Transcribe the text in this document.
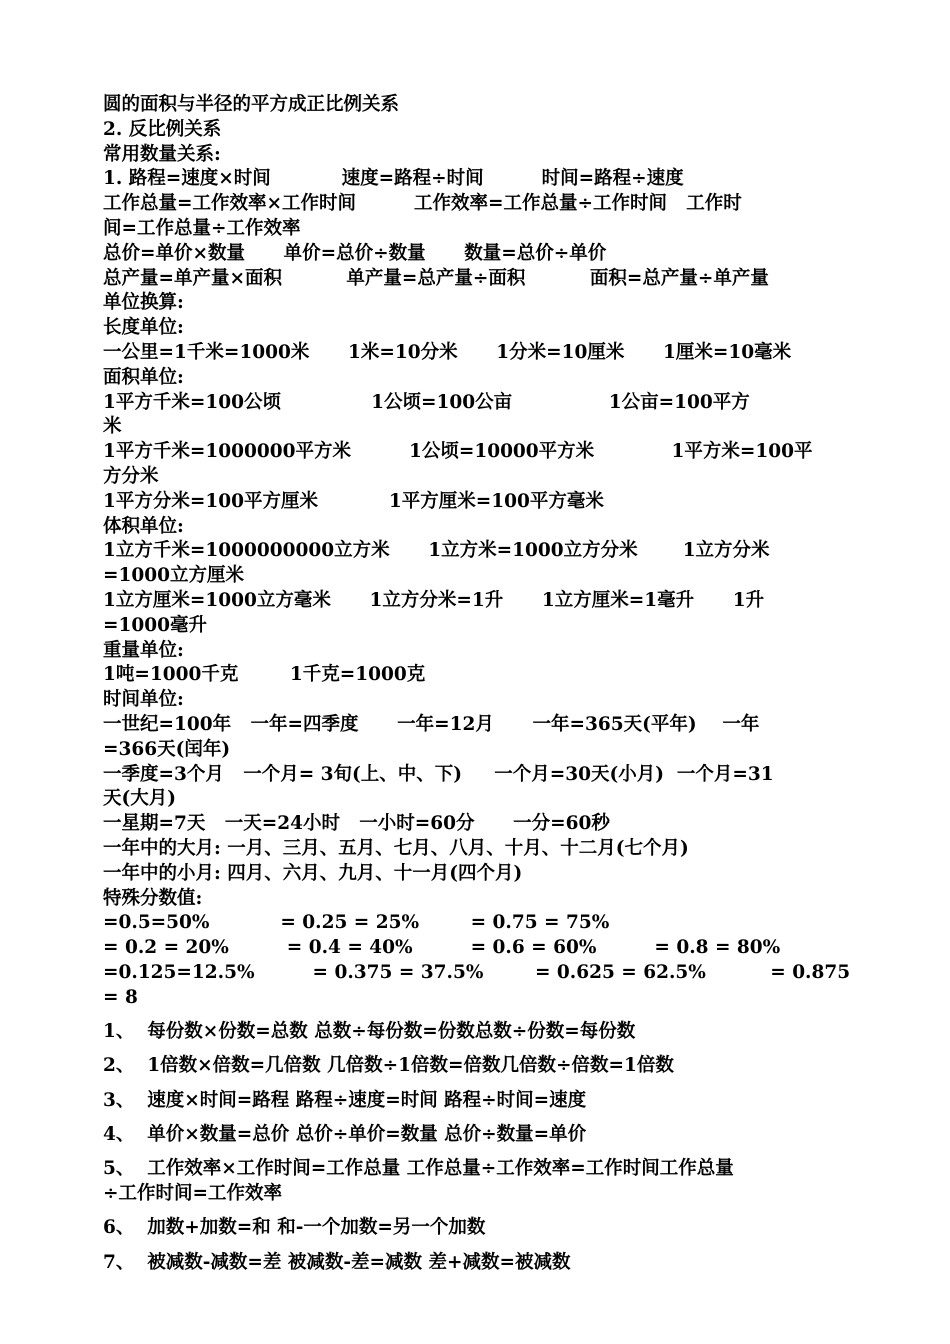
圆的面积与半径的平方成正比例关系
2. 反比例关系
常用数量关系:
1. 路程=速度×时间           速度=路程÷时间         时间=路程÷速度
工作总量=工作效率×工作时间         工作效率=工作总量÷工作时间   工作时
间=工作总量÷工作效率
总价=单价×数量      单价=总价÷数量      数量=总价÷单价
总产量=单产量×面积          单产量=总产量÷面积          面积=总产量÷单产量
单位换算:
长度单位:
一公里=1千米=1000米      1米=10分米      1分米=10厘米      1厘米=10毫米
面积单位:
1平方千米=100公顷              1公顷=100公亩               1公亩=100平方
米
1平方千米=1000000平方米         1公顷=10000平方米            1平方米=100平
方分米
1平方分米=100平方厘米           1平方厘米=100平方毫米
体积单位:
1立方千米=1000000000立方米      1立方米=1000立方分米       1立方分米
=1000立方厘米
1立方厘米=1000立方毫米      1立方分米=1升      1立方厘米=1毫升      1升
=1000毫升
重量单位:
1吨=1000千克        1千克=1000克
时间单位:
一世纪=100年   一年=四季度      一年=12月      一年=365天(平年)    一年
=366天(闰年)
一季度=3个月   一个月= 3旬(上、中、下)     一个月=30天(小月)  一个月=31
天(大月)
一星期=7天   一天=24小时   一小时=60分      一分=60秒
一年中的大月: 一月、三月、五月、七月、八月、十月、十二月(七个月)
一年中的小月: 四月、六月、九月、十一月(四个月)
特殊分数值:
=0.5=50%           = 0.25 = 25%        = 0.75 = 75%
= 0.2 = 20%         = 0.4 = 40%         = 0.6 = 60%         = 0.8 = 80%
=0.125=12.5%         = 0.375 = 37.5%        = 0.625 = 62.5%          = 0.875
= 8
1、  每份数×份数=总数 总数÷每份数=份数总数÷份数=每份数
2、  1倍数×倍数=几倍数 几倍数÷1倍数=倍数几倍数÷倍数=1倍数
3、  速度×时间=路程 路程÷速度=时间 路程÷时间=速度
4、  单价×数量=总价 总价÷单价=数量 总价÷数量=单价
5、  工作效率×工作时间=工作总量 工作总量÷工作效率=工作时间工作总量
÷工作时间=工作效率
6、  加数+加数=和 和-一个加数=另一个加数
7、  被减数-减数=差 被减数-差=减数 差+减数=被减数
